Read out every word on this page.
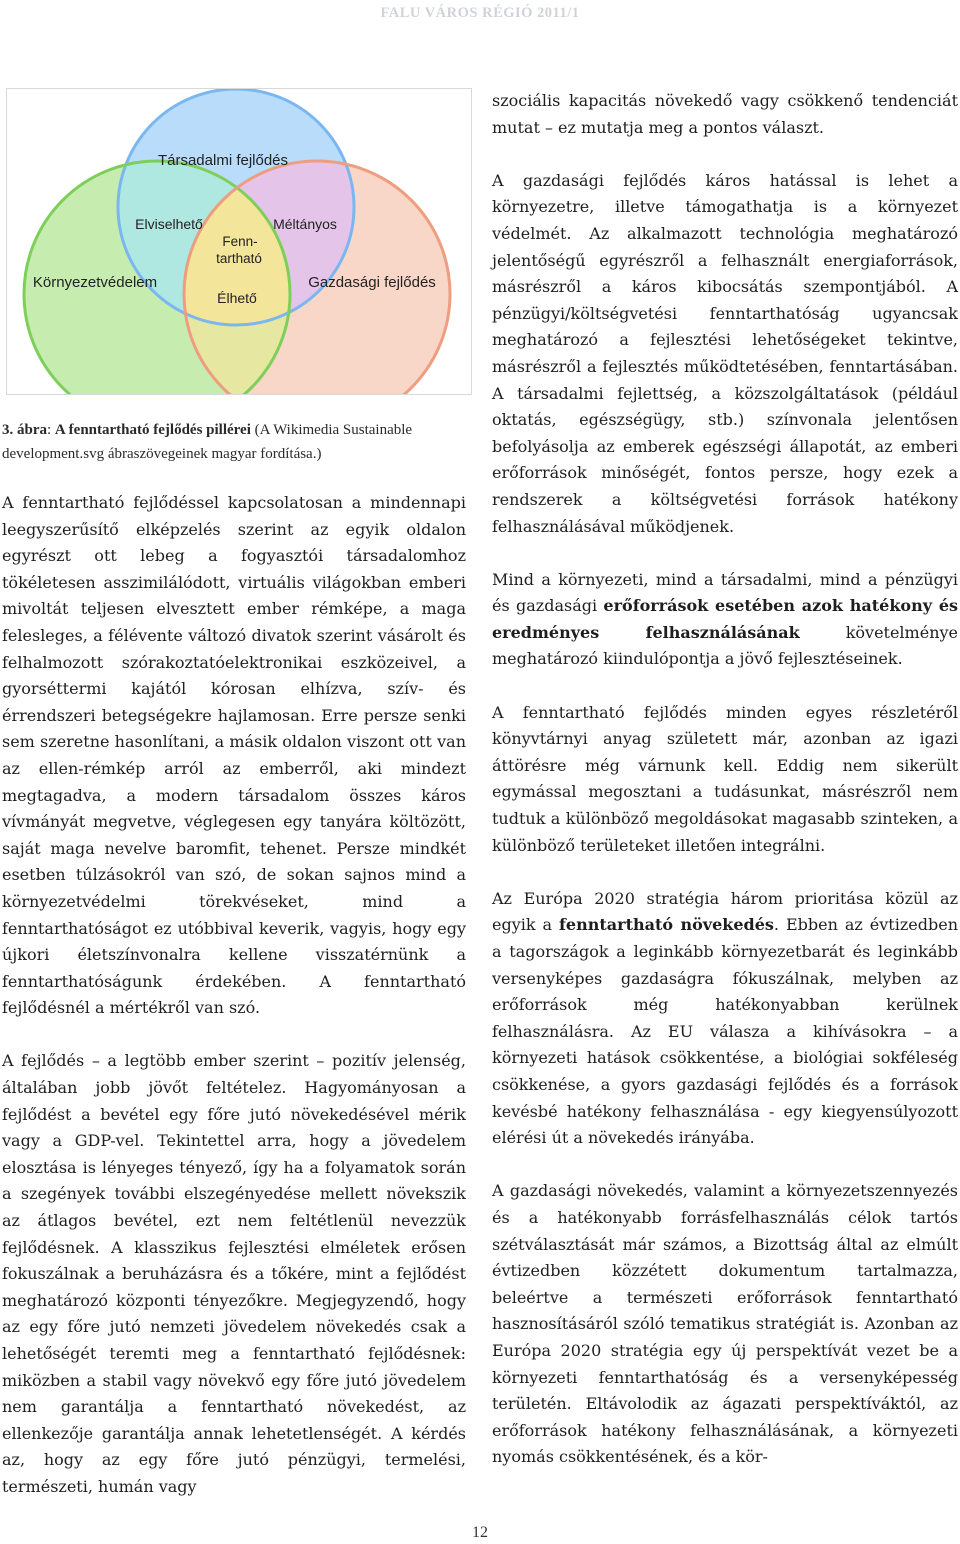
FALU VÁROS RÉGIÓ 2011/1
Társadalmi fejlődés
Környezetvédelem	Gazdasági fejlődés
Elviselhető	Méltányos
Élhető
Fenn-
tartható
3. ábra: A fenntartható fejlődés pillérei (A Wikimedia Sustainable development.svg ábraszövegeinek magyar fordítása.)

A fenntartható fejlődéssel kapcsolatosan a mindennapi leegyszerűsítő elképzelés szerint az egyik oldalon egyrészt ott lebeg a fogyasztói társadalomhoz tökéletesen asszimilálódott, virtuális világokban emberi mivoltát teljesen elvesztett ember rémképe, a maga felesleges, a félévente változó divatok szerint vásárolt és felhalmozott szórakoztatóelektronikai eszközeivel, a gyorséttermi kajától kórosan elhízva, szív- és érrendszeri betegségekre hajlamosan. Erre persze senki sem szeretne hasonlítani, a másik oldalon viszont ott van az ellen-rémkép arról az emberről, aki mindezt megtagadva, a modern társadalom összes káros vívmányát megvetve, véglegesen egy tanyára költözött, saját maga nevelve baromfit, tehenet. Persze mindkét esetben túlzásokról van szó, de sokan sajnos mind a környezetvédelmi törekvéseket, mind a fenntarthatóságot ez utóbbival keverik, vagyis, hogy egy újkori életszínvonalra kellene visszatérnünk a fenntarthatóságunk érdekében. A fenntartható fejlődésnél a mértékről van szó.

A fejlődés – a legtöbb ember szerint – pozitív jelenség, általában jobb jövőt feltételez. Hagyományosan a fejlődést a bevétel egy főre jutó növekedésével mérik vagy a GDP-vel. Tekintettel arra, hogy a jövedelem elosztása is lényeges tényező, így ha a folyamatok során a szegények további elszegényedése mellett növekszik az átlagos bevétel, ezt nem feltétlenül nevezzük fejlődésnek. A klasszikus fejlesztési elméletek erősen fokuszálnak a beruházásra és a tőkére, mint a fejlődést meghatározó központi tényezőkre. Megjegyzendő, hogy az egy főre jutó nemzeti jövedelem növekedés csak a lehetőségét teremti meg a fenntartható fejlődésnek: miközben a stabil vagy növekvő egy főre jutó jövedelem nem garantálja a fenntartható növekedést, az ellenkezője garantálja annak lehetetlenségét. A kérdés az, hogy az egy főre jutó pénzügyi, termelési, természeti, humán vagy

szociális kapacitás növekedő vagy csökkenő tendenciát mutat – ez mutatja meg a pontos választ.

A gazdasági fejlődés káros hatással is lehet a környezetre, illetve támogathatja is a környezet védelmét. Az alkalmazott technológia meghatározó jelentőségű egyrészről a felhasznált energiaforrások, másrészről a káros kibocsátás szempontjából. A pénzügyi/költségvetési fenntarthatóság ugyancsak meghatározó a fejlesztési lehetőségeket tekintve, másrészről a fejlesztés működtetésében, fenntartásában. A társadalmi fejlettség, a közszolgáltatások (például oktatás, egészségügy, stb.) színvonala jelentősen befolyásolja az emberek egészségi állapotát, az emberi erőforrások minőségét, fontos persze, hogy ezek a rendszerek a költségvetési források hatékony felhasználásával működjenek.

Mind a környezeti, mind a társadalmi, mind a pénzügyi és gazdasági erőforrások esetében azok hatékony és eredményes felhasználásának követelménye meghatározó kiindulópontja a jövő fejlesztéseinek.

A fenntartható fejlődés minden egyes részletéről könyvtárnyi anyag született már, azonban az igazi áttörésre még várnunk kell. Eddig nem sikerült egymással megosztani a tudásunkat, másrészről nem tudtuk a különböző megoldásokat magasabb szinteken, a különböző területeket illetően integrálni.

Az Európa 2020 stratégia három prioritása közül az egyik a fenntartható növekedés. Ebben az évtizedben a tagországok a leginkább környezetbarát és leginkább versenyképes gazdaságra fókuszálnak, melyben az erőforrások még hatékonyabban kerülnek felhasználásra. Az EU válasza a kihívásokra – a környezeti hatások csökkentése, a biológiai sokféleség csökkenése, a gyors gazdasági fejlődés és a források kevésbé hatékony felhasználása - egy kiegyensúlyozott elérési út a növekedés irányába.

A gazdasági növekedés, valamint a környezetszennyezés és a hatékonyabb forrásfelhasználás célok tartós szétválasztását már számos, a Bizottság által az elmúlt évtizedben közzétett dokumentum tartalmazza, beleértve a természeti erőforrások fenntartható hasznosításáról szóló tematikus stratégiát is. Azonban az Európa 2020 stratégia egy új perspektívát vezet be a környezeti fenntarthatóság és a versenyképesség területén. Eltávolodik az ágazati perspektíváktól, az erőforrások hatékony felhasználásának, a környezeti nyomás csökkentésének, és a kör-

12
